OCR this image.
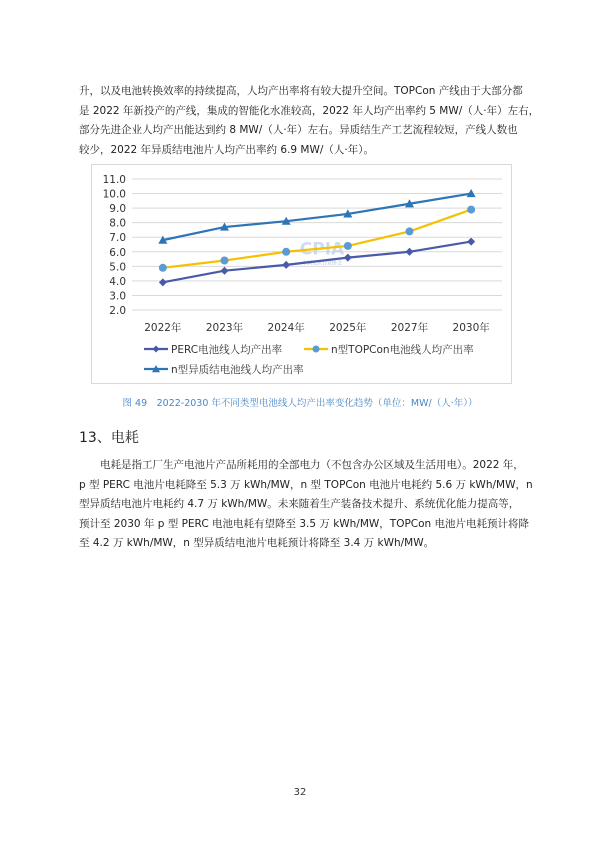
升，以及电池转换效率的持续提高，人均产出率将有较大提升空间。TOPCon 产线由于大部分都
是 2022 年新投产的产线，集成的智能化水准较高，2022 年人均产出率约 5 MW/（人·年）左右，
部分先进企业人均产出能达到约 8 MW/（人·年）左右。异质结生产工艺流程较短，产线人数也
较少，2022 年异质结电池片人均产出率约 6.9 MW/（人·年）。
11.0
10.0
9.0
8.0
7.0
6.0
5.0
4.0
3.0
2.0
CPIA
中国光伏行业协会
2022年 2023年 2024年 2025年 2027年 2030年
PERC电池线人均产出率	n型TOPCon电池线人均产出率
n型异质结电池线人均产出率
图 49　2022-2030 年不同类型电池线人均产出率变化趋势（单位：MW/（人·年））
13、电耗
电耗是指工厂生产电池片产品所耗用的全部电力（不包含办公区域及生活用电）。2022 年，
p 型 PERC 电池片电耗降至 5.3 万 kWh/MW，n 型 TOPCon 电池片电耗约 5.6 万 kWh/MW，n
型异质结电池片电耗约 4.7 万 kWh/MW。未来随着生产装备技术提升、系统优化能力提高等，
预计至 2030 年 p 型 PERC 电池电耗有望降至 3.5 万 kWh/MW，TOPCon 电池片电耗预计将降
至 4.2 万 kWh/MW，n 型异质结电池片电耗预计将降至 3.4 万 kWh/MW。
32
